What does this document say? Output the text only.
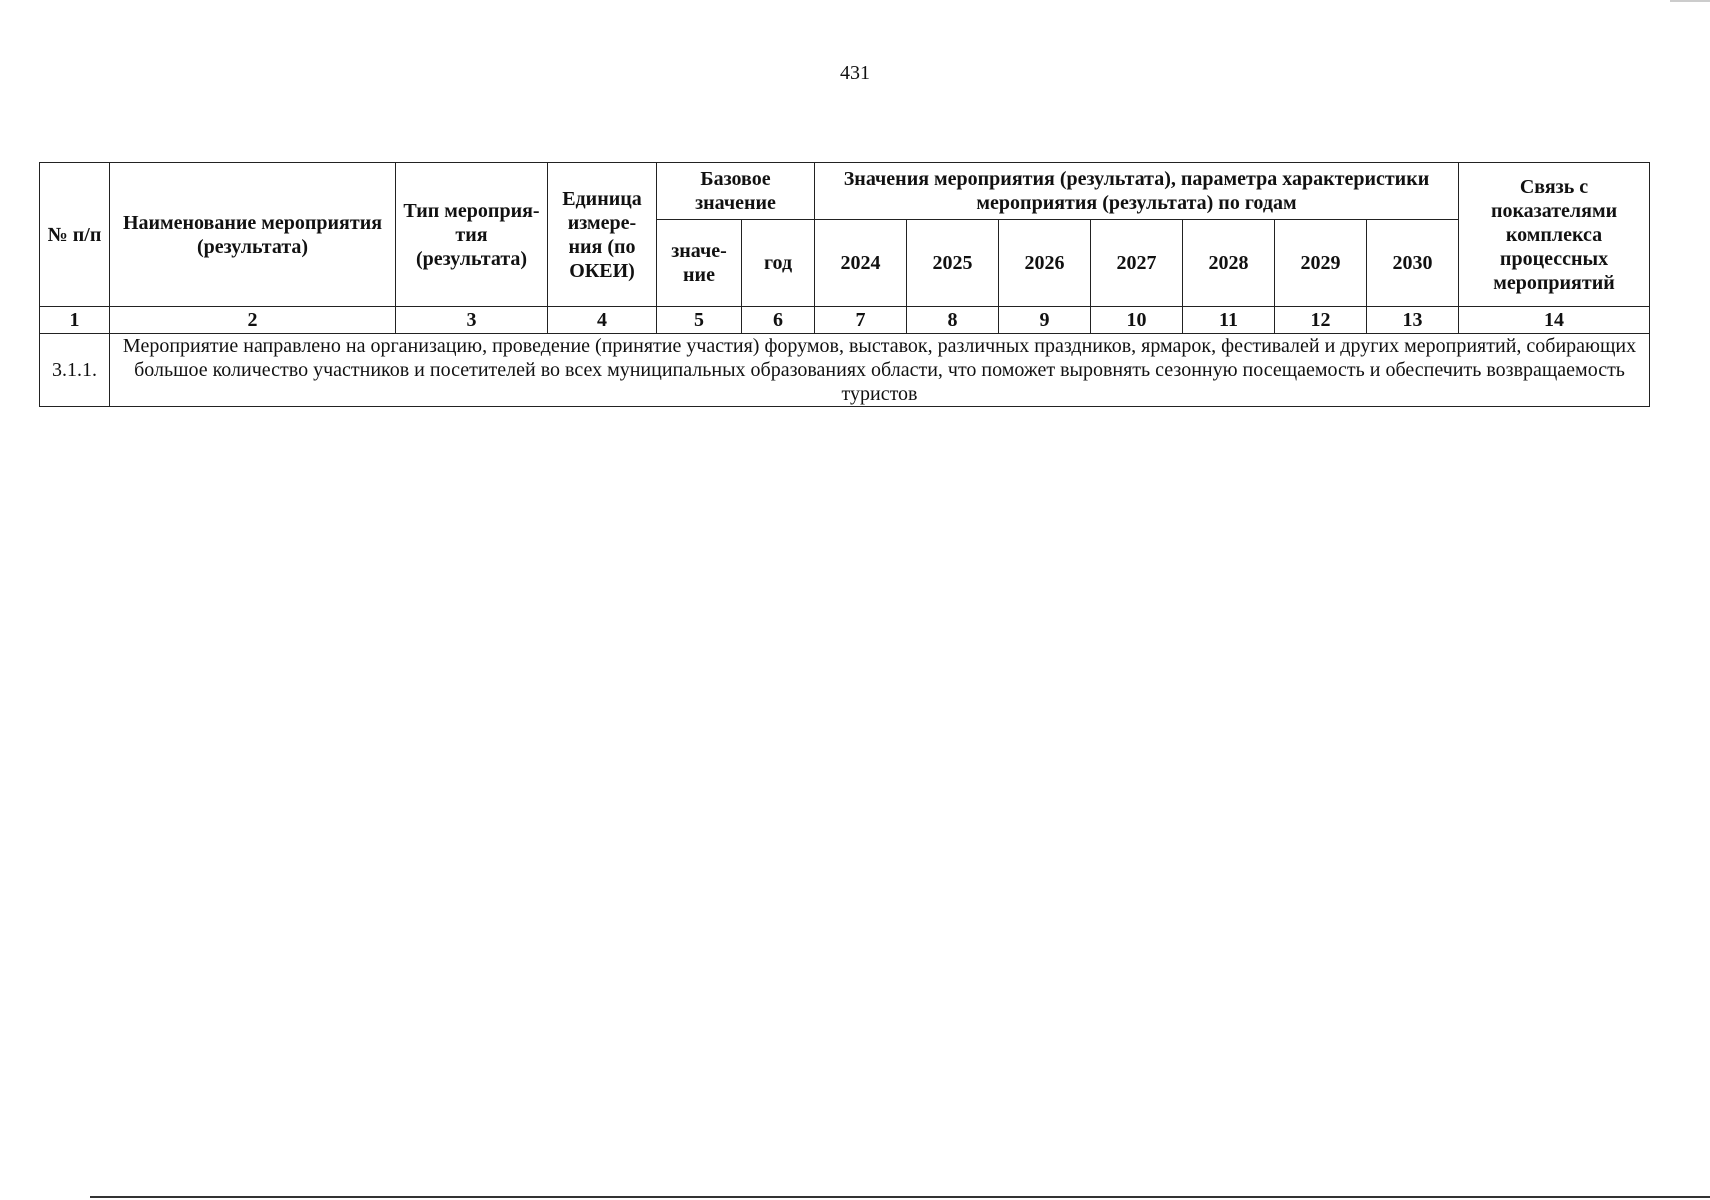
431
№ п/п	Наименование мероприятия (результата)	Тип мероприя-тия (результата)	Единица измере-ния (по ОКЕИ)	Базовое значение		Значения мероприятия (результата), параметра характеристики мероприятия (результата) по годам							Связь с показателями комплекса процессных мероприятий
				значе-ние	год	2024	2025	2026	2027	2028	2029	2030	
1	2	3	4	5	6	7	8	9	10	11	12	13	14
3.1.1.	Мероприятие направлено на организацию, проведение (принятие участия) форумов, выставок, различных праздников, ярмарок, фестивалей и других мероприятий, собирающих большое количество участников и посетителей во всех муниципальных образованиях области, что поможет выровнять сезонную посещаемость и обеспечить возвращаемость туристов												
